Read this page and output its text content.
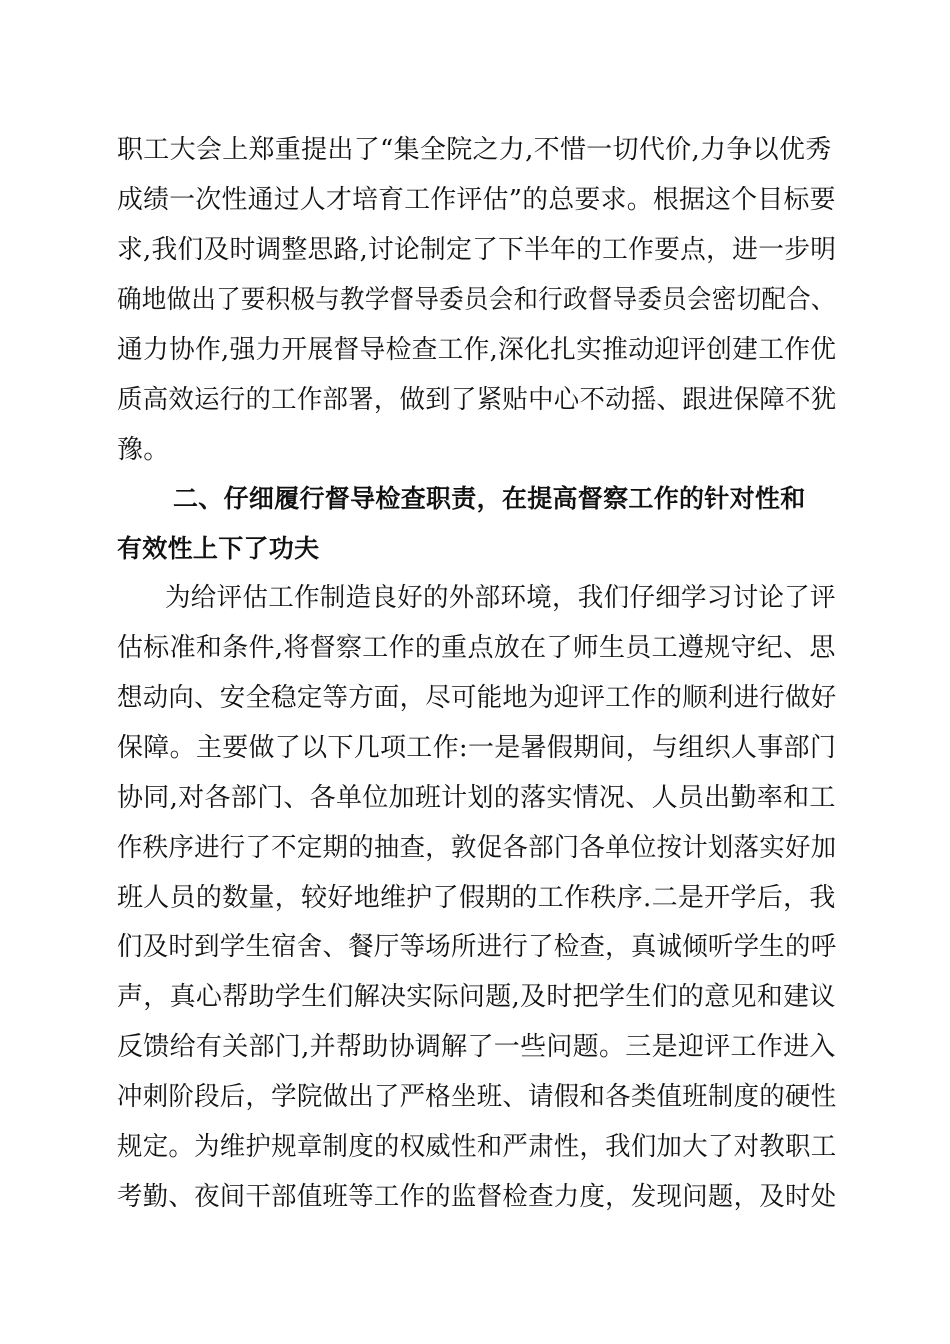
职工大会上郑重提出了“集全院之力,不惜一切代价,力争以优秀
成绩一次性通过人才培育工作评估”的总要求。根据这个目标要
求,我们及时调整思路,讨论制定了下半年的工作要点，进一步明
确地做出了要积极与教学督导委员会和行政督导委员会密切配合、
通力协作,强力开展督导检查工作,深化扎实推动迎评创建工作优
质高效运行的工作部署，做到了紧贴中心不动摇、跟进保障不犹
豫。
二、仔细履行督导检查职责，在提高督察工作的针对性和
有效性上下了功夫
为给评估工作制造良好的外部环境，我们仔细学习讨论了评
估标准和条件,将督察工作的重点放在了师生员工遵规守纪、思
想动向、安全稳定等方面，尽可能地为迎评工作的顺利进行做好
保障。主要做了以下几项工作:一是暑假期间，与组织人事部门
协同,对各部门、各单位加班计划的落实情况、人员出勤率和工
作秩序进行了不定期的抽查，敦促各部门各单位按计划落实好加
班人员的数量，较好地维护了假期的工作秩序.二是开学后，我
们及时到学生宿舍、餐厅等场所进行了检查，真诚倾听学生的呼
声，真心帮助学生们解决实际问题,及时把学生们的意见和建议
反馈给有关部门,并帮助协调解了一些问题。三是迎评工作进入
冲刺阶段后，学院做出了严格坐班、请假和各类值班制度的硬性
规定。为维护规章制度的权威性和严肃性，我们加大了对教职工
考勤、夜间干部值班等工作的监督检查力度，发现问题，及时处
